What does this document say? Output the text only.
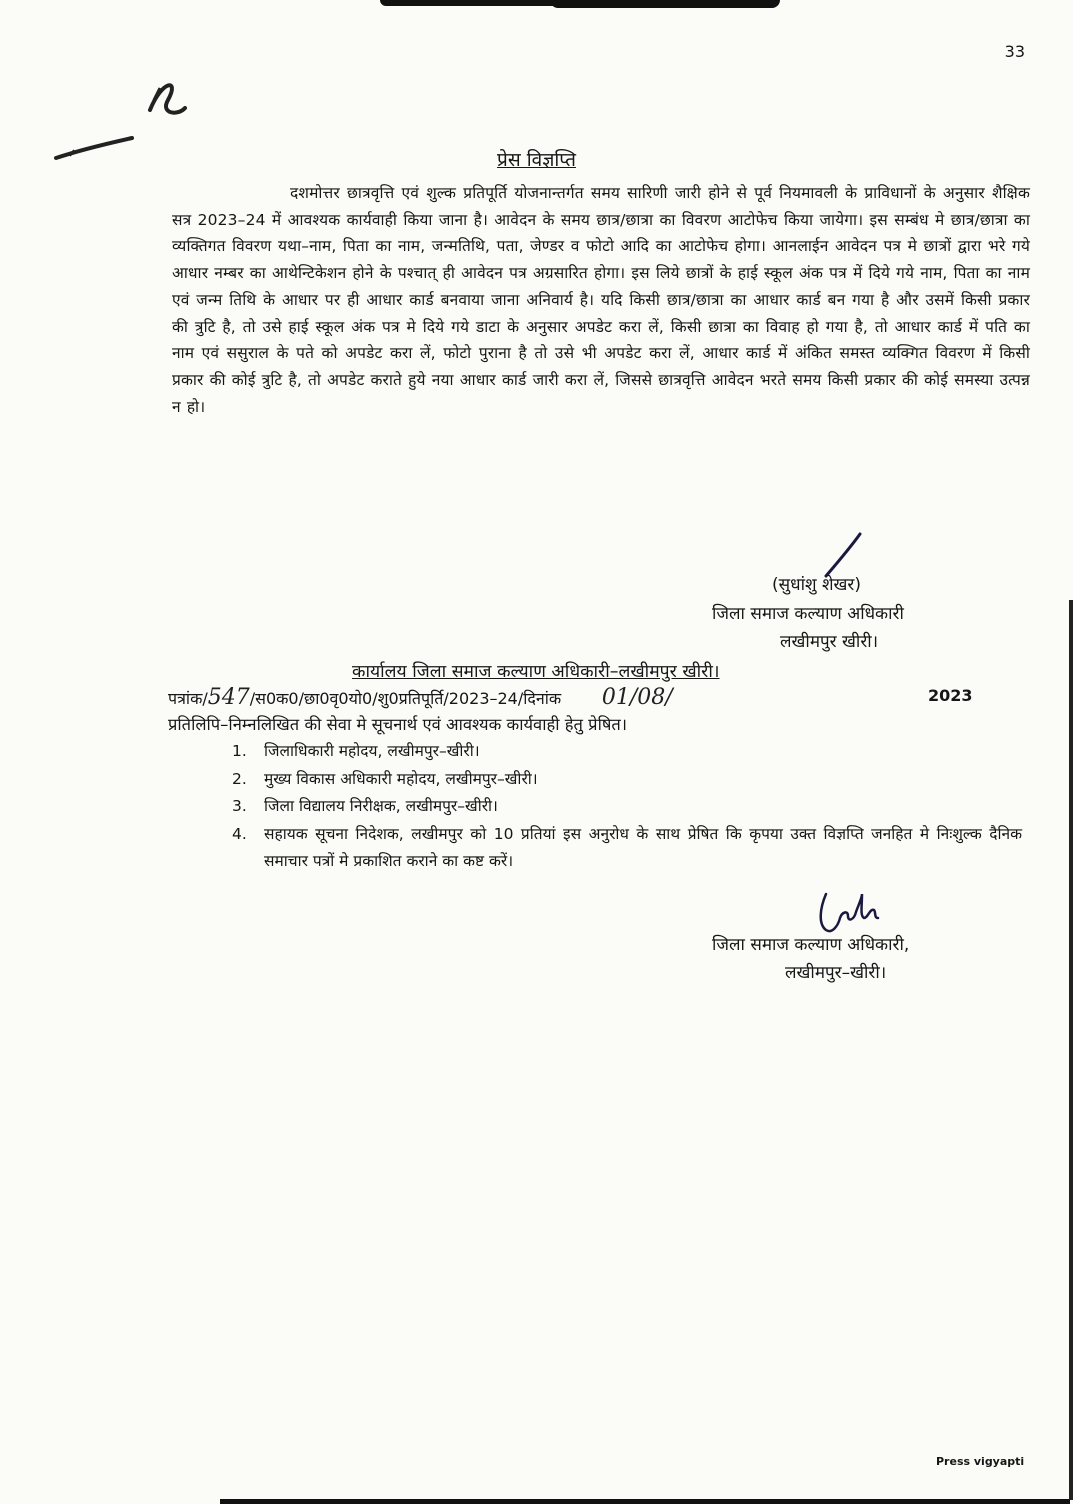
33
प्रेस विज्ञप्ति
दशमोत्तर छात्रवृत्ति एवं शुल्क प्रतिपूर्ति योजनान्तर्गत समय सारिणी जारी होने से पूर्व नियमावली के प्राविधानों के अनुसार शैक्षिक सत्र 2023–24 में आवश्यक कार्यवाही किया जाना है। आवेदन के समय छात्र/छात्रा का विवरण आटोफेच किया जायेगा। इस सम्बंध मे छात्र/छात्रा का व्यक्तिगत विवरण यथा–नाम, पिता का नाम, जन्मतिथि, पता, जेण्डर व फोटो आदि का आटोफेच होगा। आनलाईन आवेदन पत्र मे छात्रों द्वारा भरे गये आधार नम्बर का आथेन्टिकेशन होने के पश्चात् ही आवेदन पत्र अग्रसारित होगा। इस लिये छात्रों के हाई स्कूल अंक पत्र में दिये गये नाम, पिता का नाम एवं जन्म तिथि के आधार पर ही आधार कार्ड बनवाया जाना अनिवार्य है। यदि किसी छात्र/छात्रा का आधार कार्ड बन गया है और उसमें किसी प्रकार की त्रुटि है, तो उसे हाई स्कूल अंक पत्र मे दिये गये डाटा के अनुसार अपडेट करा लें, किसी छात्रा का विवाह हो गया है, तो आधार कार्ड में पति का नाम एवं ससुराल के पते को अपडेट करा लें, फोटो पुराना है तो उसे भी अपडेट करा लें, आधार कार्ड में अंकित समस्त व्यक्गित विवरण में किसी प्रकार की कोई त्रुटि है, तो अपडेट कराते हुये नया आधार कार्ड जारी करा लें, जिससे छात्रवृत्ति आवेदन भरते समय किसी प्रकार की कोई समस्या उत्पन्न न हो।
(सुधांशु शेखर)
जिला समाज कल्याण अधिकारी
लखीमपुर खीरी।
कार्यालय जिला समाज कल्याण अधिकारी–लखीमपुर खीरी।
पत्रांक/547/स0क0/छा0वृ0यो0/शु0प्रतिपूर्ति/2023–24/दिनांक 01/08/	2023
प्रतिलिपि–निम्नलिखित की सेवा मे सूचनार्थ एवं आवश्यक कार्यवाही हेतु प्रेषित।
1.	जिलाधिकारी महोदय, लखीमपुर–खीरी।
2.	मुख्य विकास अधिकारी महोदय, लखीमपुर–खीरी।
3.	जिला विद्यालय निरीक्षक, लखीमपुर–खीरी।
4.	सहायक सूचना निदेशक, लखीमपुर को 10 प्रतियां इस अनुरोध के साथ प्रेषित कि कृपया उक्त विज्ञप्ति जनहित मे निःशुल्क दैनिक समाचार पत्रों मे प्रकाशित कराने का कष्ट करें।
जिला समाज कल्याण अधिकारी,
लखीमपुर–खीरी।
Press vigyapti
